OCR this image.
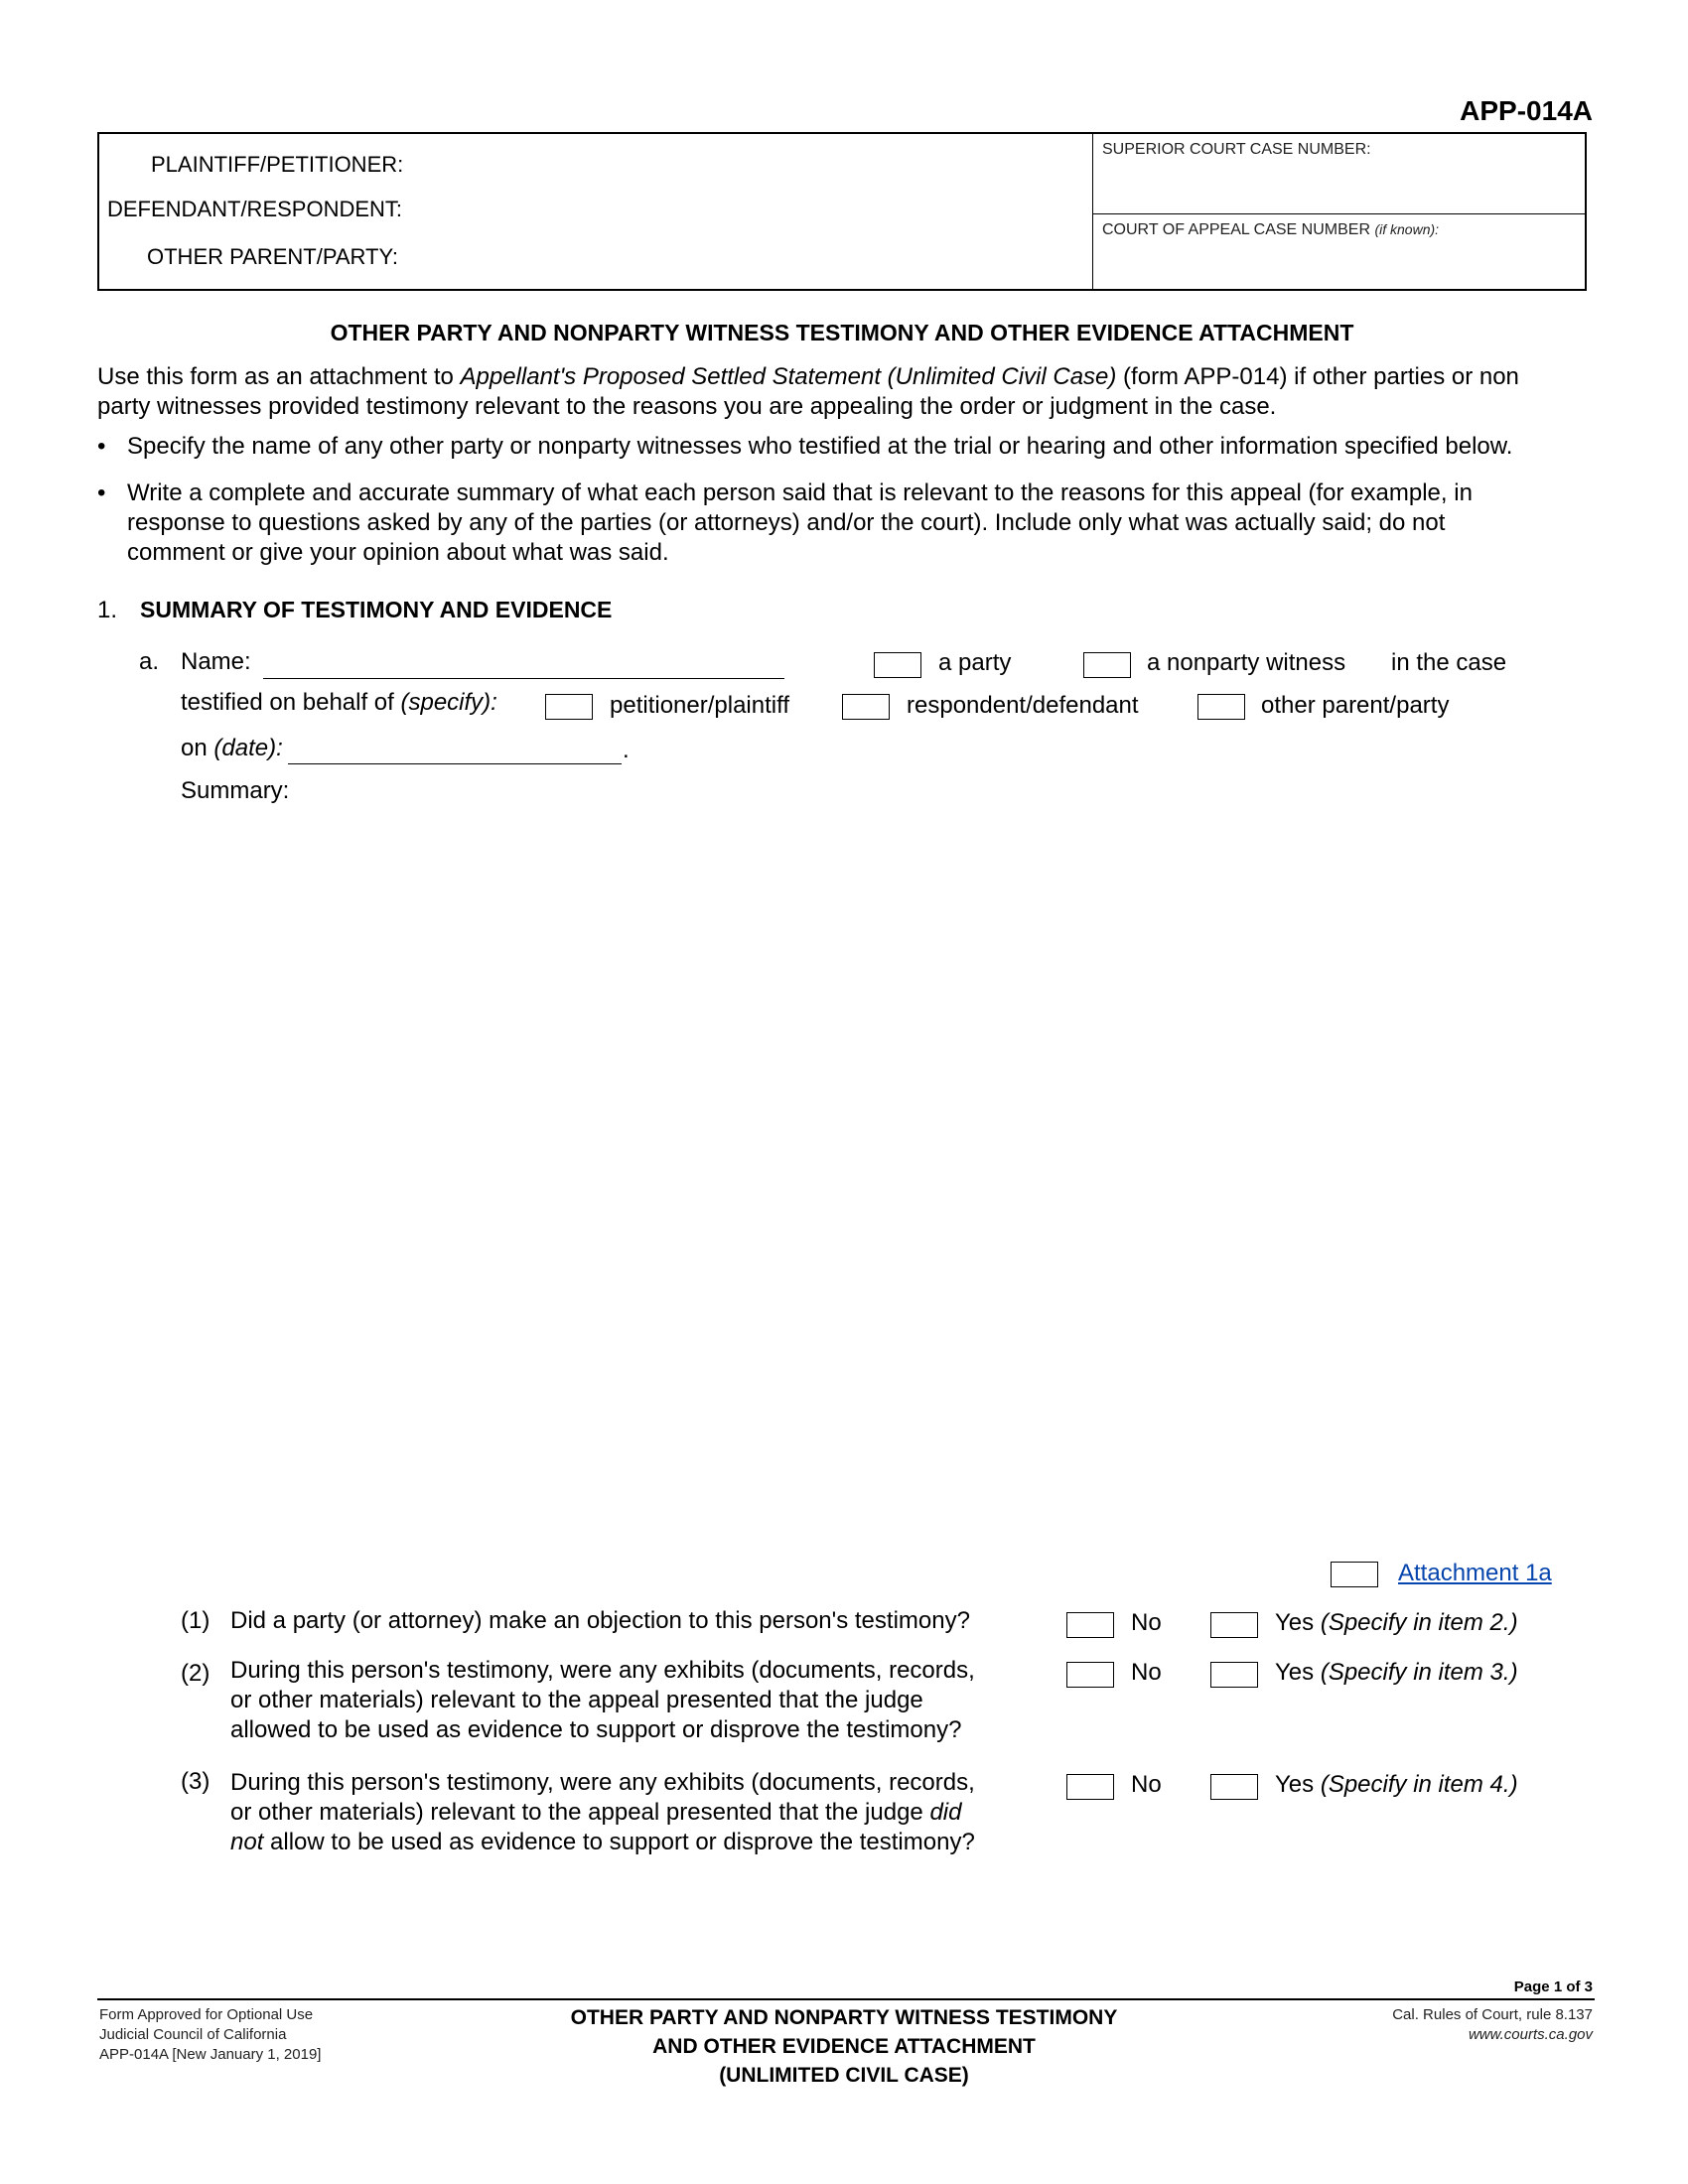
APP-014A
PLAINTIFF/PETITIONER:
DEFENDANT/RESPONDENT:
OTHER PARENT/PARTY:
SUPERIOR COURT CASE NUMBER:
COURT OF APPEAL CASE NUMBER (if known):
OTHER PARTY AND NONPARTY WITNESS TESTIMONY AND OTHER EVIDENCE ATTACHMENT
Use this form as an attachment to Appellant's Proposed Settled Statement (Unlimited Civil Case) (form APP-014) if other parties or non
party witnesses provided testimony relevant to the reasons you are appealing the order or judgment in the case.
• Specify the name of any other party or nonparty witnesses who testified at the trial or hearing and other information specified below.
• Write a complete and accurate summary of what each person said that is relevant to the reasons for this appeal (for example, in
response to questions asked by any of the parties (or attorneys) and/or the court). Include only what was actually said; do not
comment or give your opinion about what was said.
1. SUMMARY OF TESTIMONY AND EVIDENCE
a. Name:	a party	a nonparty witness in the case
testified on behalf of (specify):	petitioner/plaintiff	respondent/defendant	other parent/party
on (date):	.
Summary:
Attachment 1a
(1) Did a party (or attorney) make an objection to this person's testimony?	No	Yes (Specify in item 2.)
(2) During this person's testimony, were any exhibits (documents, records,
or other materials) relevant to the appeal presented that the judge
allowed to be used as evidence to support or disprove the testimony?
No	Yes (Specify in item 3.)
(3) During this person's testimony, were any exhibits (documents, records,
or other materials) relevant to the appeal presented that the judge did
not allow to be used as evidence to support or disprove the testimony?
No	Yes (Specify in item 4.)
Page 1 of 3
Form Approved for Optional Use
Judicial Council of California
APP-014A [New January 1, 2019]
OTHER PARTY AND NONPARTY WITNESS TESTIMONY
AND OTHER EVIDENCE ATTACHMENT
(UNLIMITED CIVIL CASE)
Cal. Rules of Court, rule 8.137
www.courts.ca.gov
